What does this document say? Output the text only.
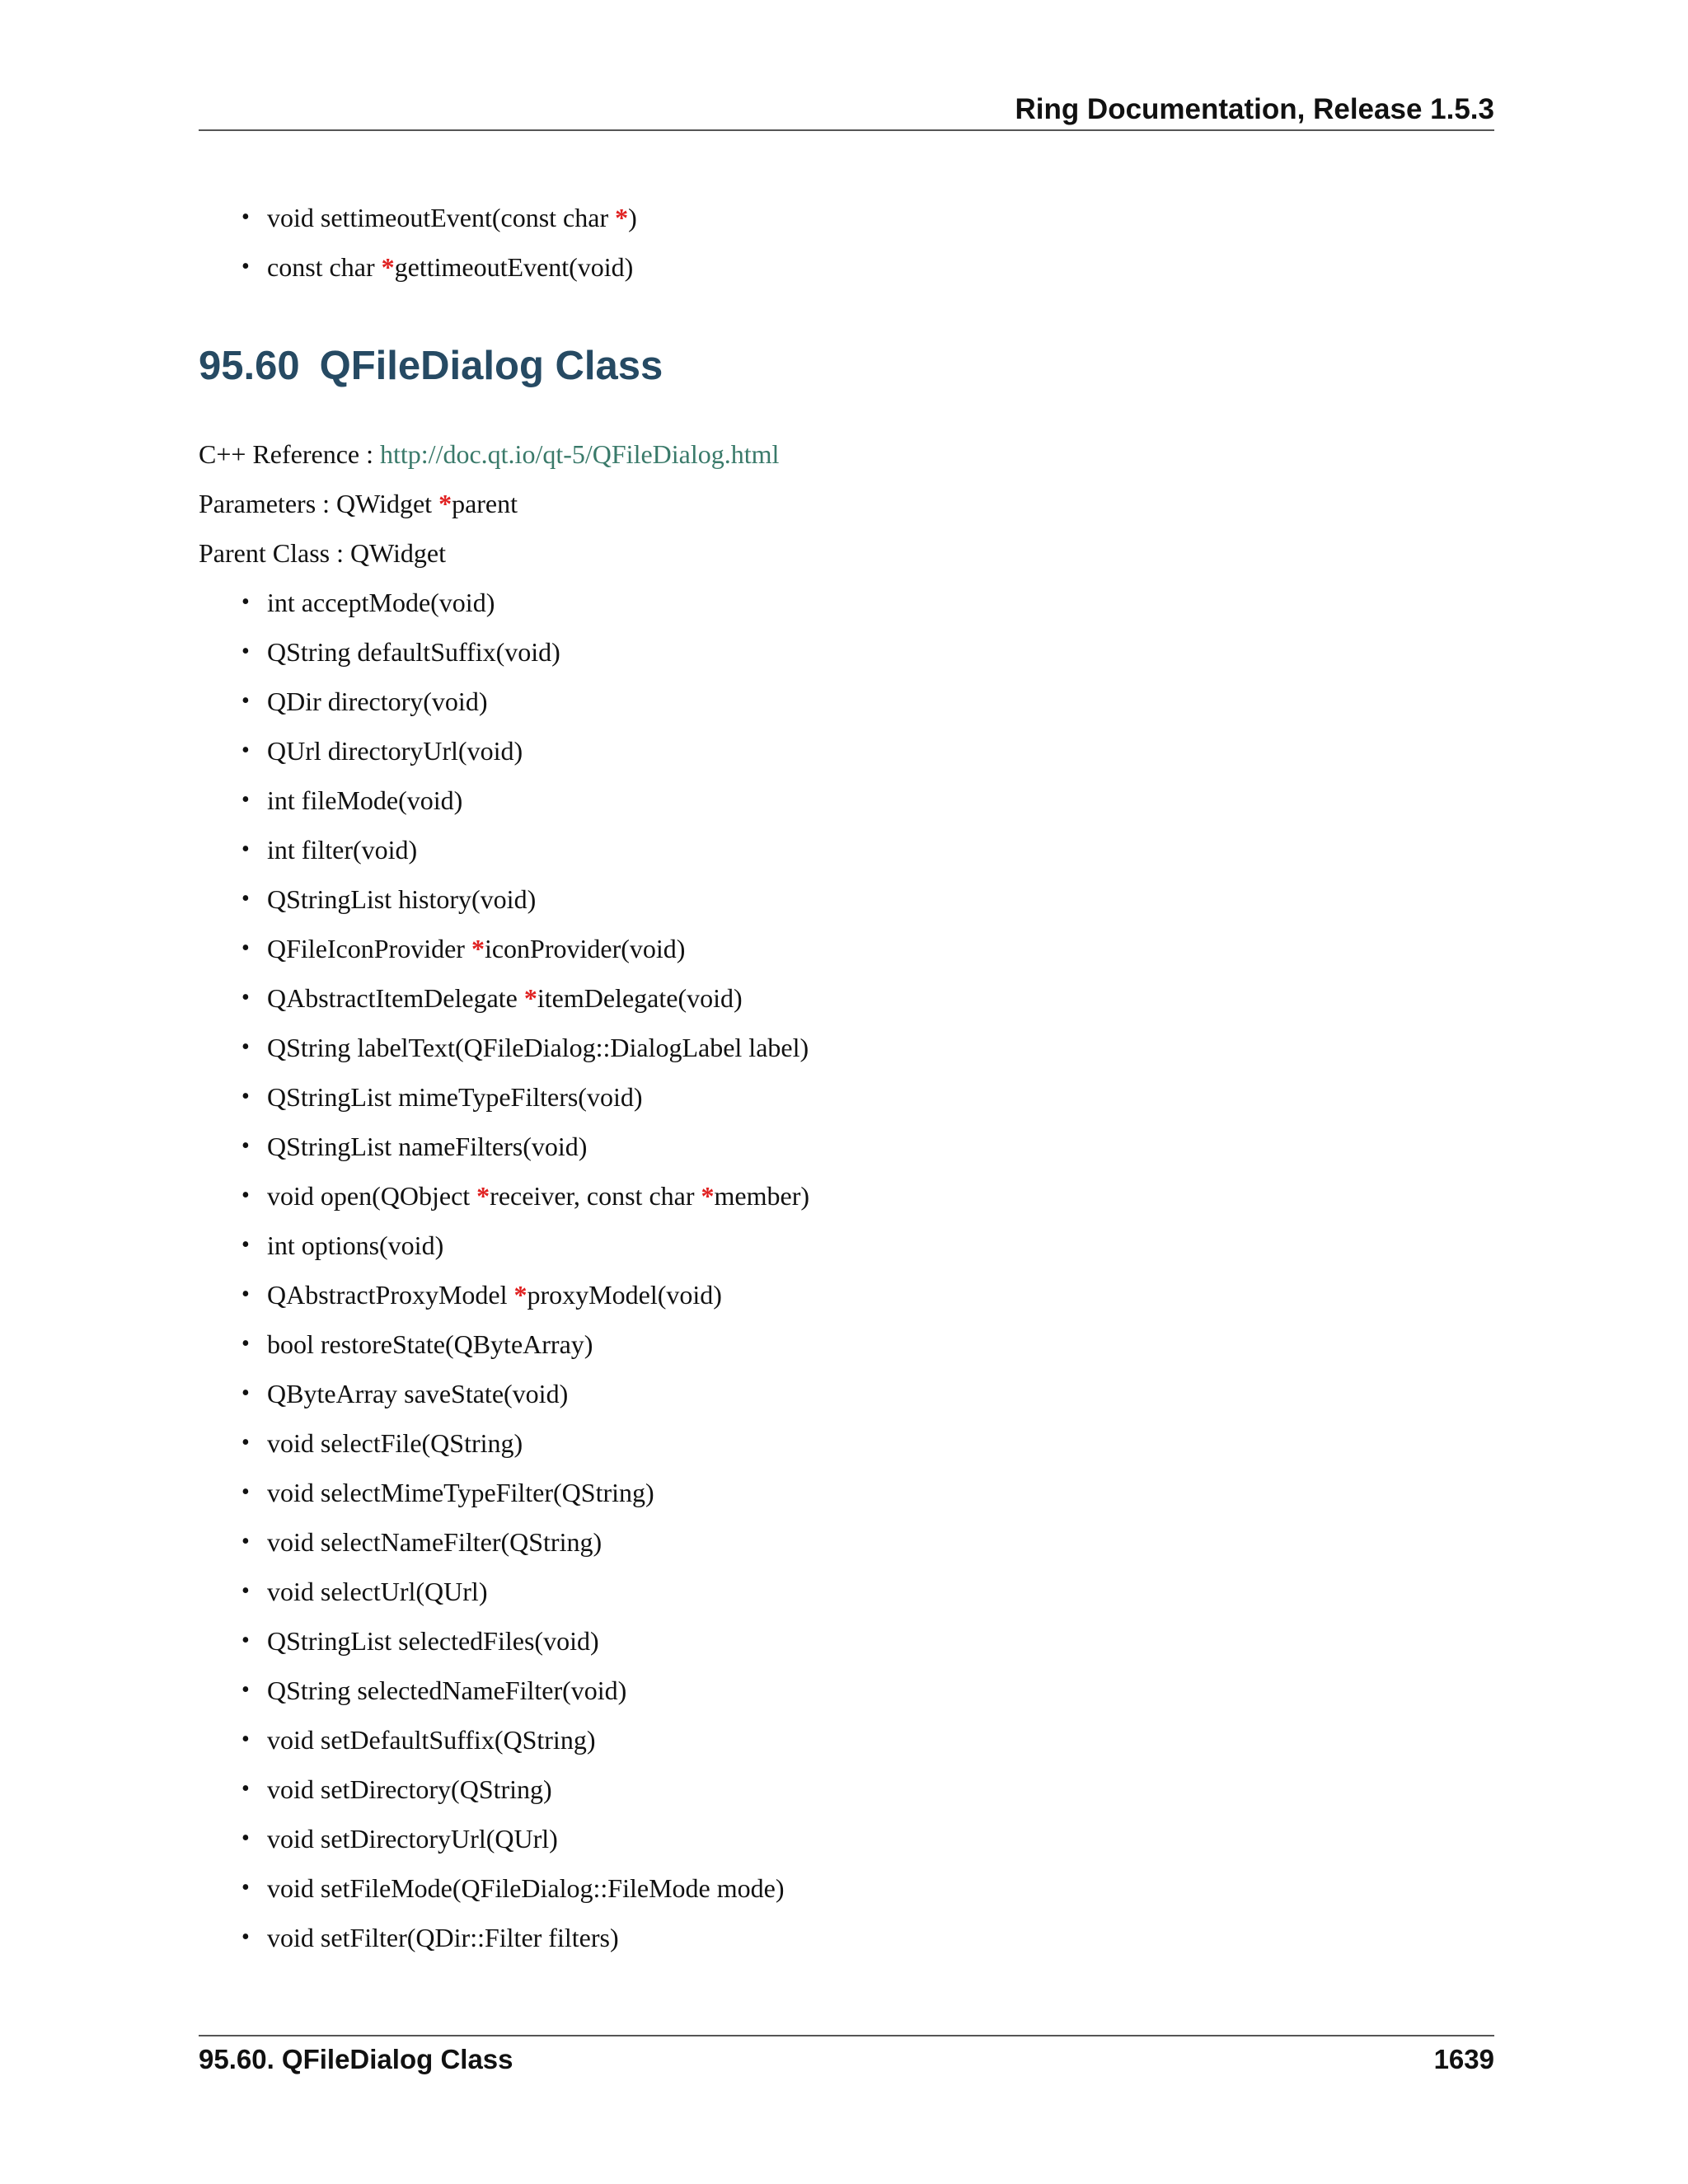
Ring Documentation, Release 1.5.3
• void settimeoutEvent(const char *)
• const char *gettimeoutEvent(void)
95.60 QFileDialog Class
C++ Reference : http://doc.qt.io/qt-5/QFileDialog.html
Parameters : QWidget *parent
Parent Class : QWidget
• int acceptMode(void)
• QString defaultSuffix(void)
• QDir directory(void)
• QUrl directoryUrl(void)
• int fileMode(void)
• int filter(void)
• QStringList history(void)
• QFileIconProvider *iconProvider(void)
• QAbstractItemDelegate *itemDelegate(void)
• QString labelText(QFileDialog::DialogLabel label)
• QStringList mimeTypeFilters(void)
• QStringList nameFilters(void)
• void open(QObject *receiver, const char *member)
• int options(void)
• QAbstractProxyModel *proxyModel(void)
• bool restoreState(QByteArray)
• QByteArray saveState(void)
• void selectFile(QString)
• void selectMimeTypeFilter(QString)
• void selectNameFilter(QString)
• void selectUrl(QUrl)
• QStringList selectedFiles(void)
• QString selectedNameFilter(void)
• void setDefaultSuffix(QString)
• void setDirectory(QString)
• void setDirectoryUrl(QUrl)
• void setFileMode(QFileDialog::FileMode mode)
• void setFilter(QDir::Filter filters)
95.60. QFileDialog Class	1639
